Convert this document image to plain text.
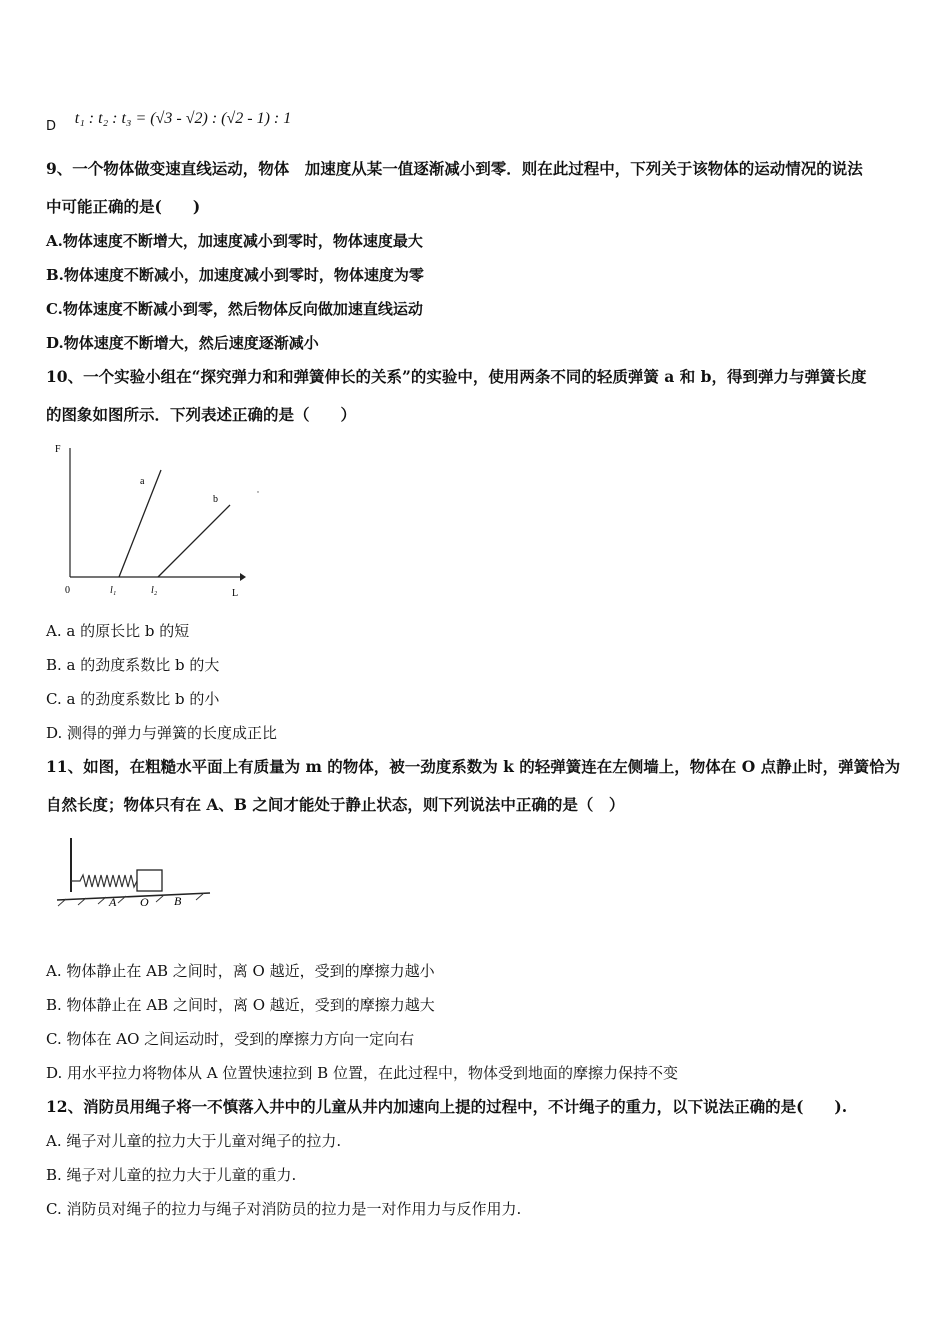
D t₁ : t₂ : t₃ = (√3 - √2) : (√2 - 1) : 1
9、一个物体做变速直线运动，物体　加速度从某一值逐渐减小到零．则在此过程中，下列关于该物体的运动情况的说法
中可能正确的是(　　)
A.物体速度不断增大，加速度减小到零时，物体速度最大
B.物体速度不断减小，加速度减小到零时，物体速度为零
C.物体速度不断减小到零，然后物体反向做加速直线运动
D.物体速度不断增大，然后速度逐渐减小
10、一个实验小组在“探究弹力和和弹簧伸长的关系”的实验中，使用两条不同的轻质弹簧 a 和 b，得到弹力与弹簧长度
的图象如图所示．下列表述正确的是（　　）
F
L
0	l₁	l₂
a
b
A. a 的原长比 b 的短
B. a 的劲度系数比 b 的大
C. a 的劲度系数比 b 的小
D. 测得的弹力与弹簧的长度成正比
11、如图，在粗糙水平面上有质量为 m 的物体，被一劲度系数为 k 的轻弹簧连在左侧墙上，物体在 O 点静止时，弹簧恰为
自然长度；物体只有在 A、B 之间才能处于静止状态，则下列说法中正确的是（　）
A O B
A. 物体静止在 AB 之间时，离 O 越近，受到的摩擦力越小
B. 物体静止在 AB 之间时，离 O 越近，受到的摩擦力越大
C. 物体在 AO 之间运动时，受到的摩擦力方向一定向右
D. 用水平拉力将物体从 A 位置快速拉到 B 位置，在此过程中，物体受到地面的摩擦力保持不变
12、消防员用绳子将一不慎落入井中的儿童从井内加速向上提的过程中，不计绳子的重力，以下说法正确的是(　　).
A. 绳子对儿童的拉力大于儿童对绳子的拉力.
B. 绳子对儿童的拉力大于儿童的重力.
C. 消防员对绳子的拉力与绳子对消防员的拉力是一对作用力与反作用力.
